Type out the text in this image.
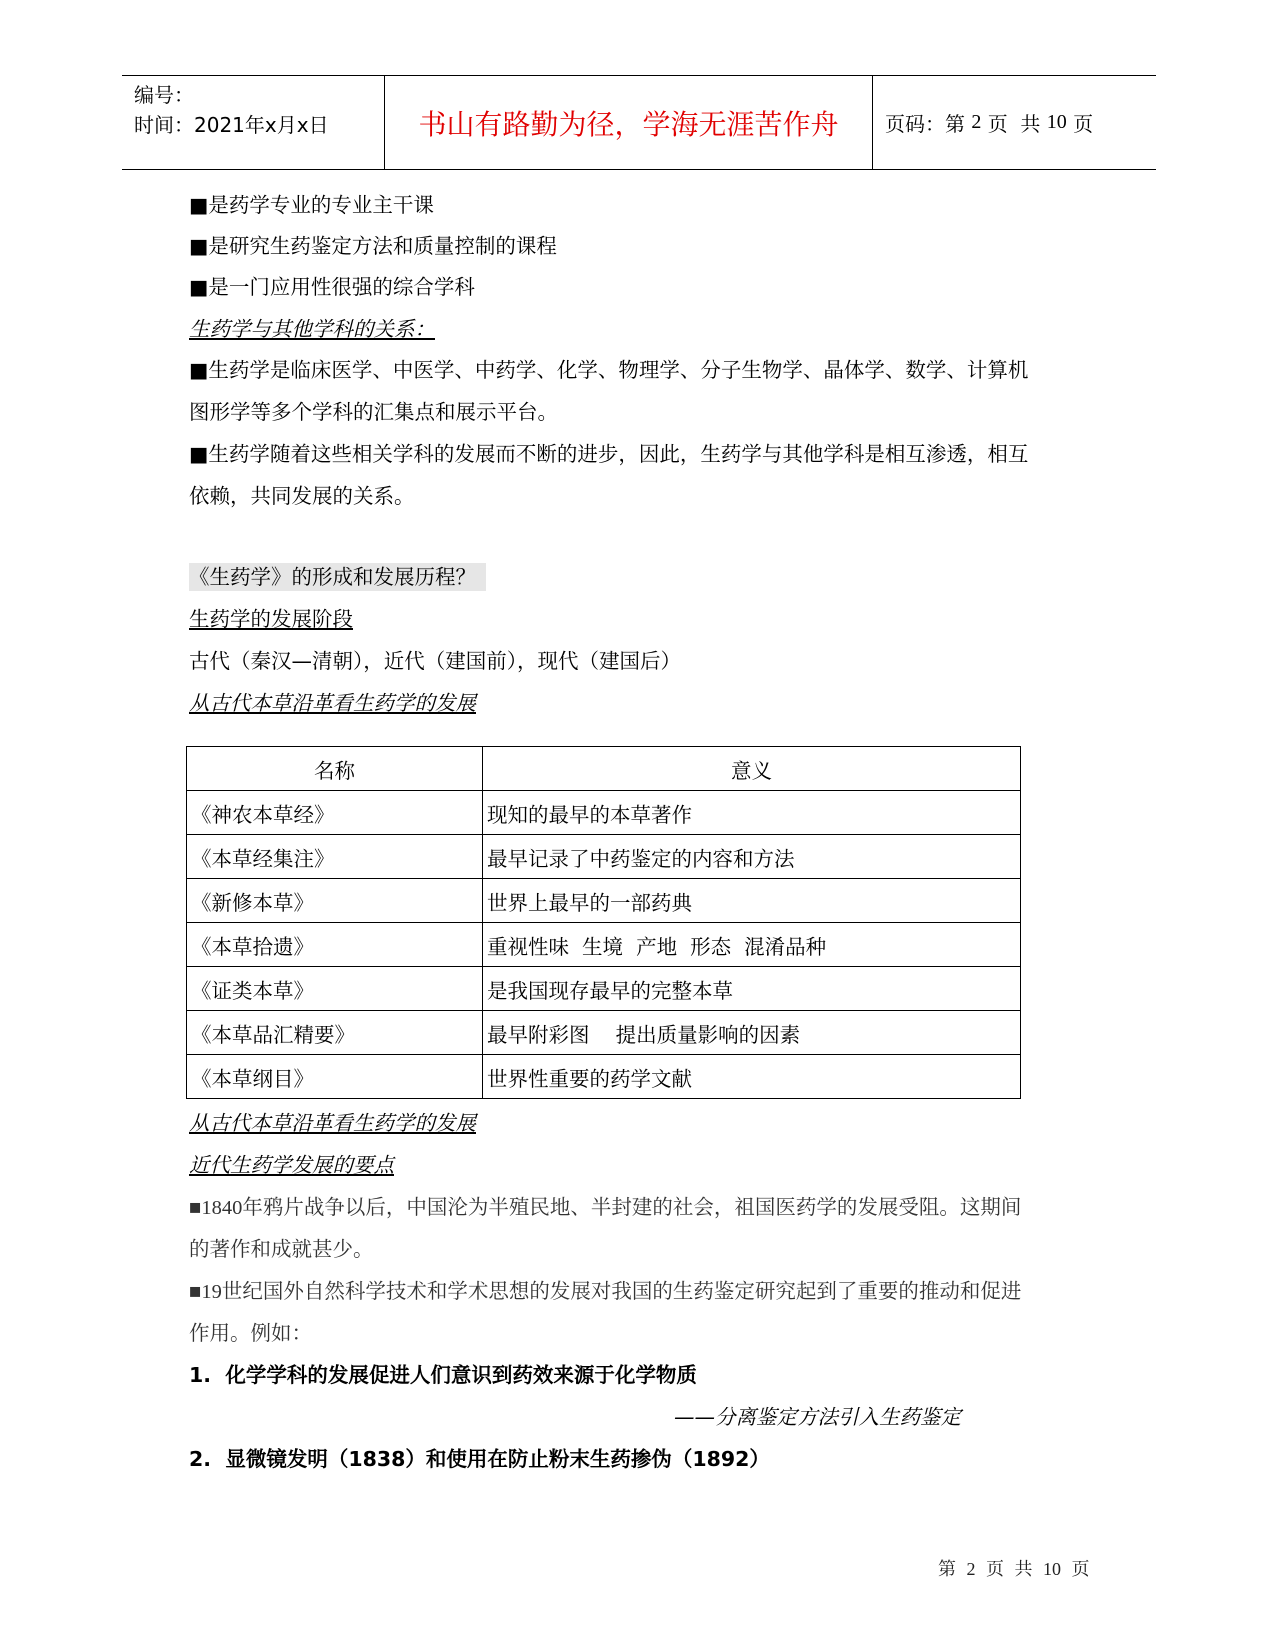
编号：
时间：2021年x月x日	书山有路勤为径，学海无涯苦作舟	页码：第
2
页  共
10
页
■是药学专业的专业主干课
■是研究生药鉴定方法和质量控制的课程
■是一门应用性很强的综合学科
生药学与其他学科的关系：
■生药学是临床医学、中医学、中药学、化学、物理学、分子生物学、晶体学、数学、计算机
图形学等多个学科的汇集点和展示平台。
■生药学随着这些相关学科的发展而不断的进步，因此，生药学与其他学科是相互渗透，相互
依赖，共同发展的关系。
《生药学》的形成和发展历程？
生药学的发展阶段
古代（秦汉—清朝），近代（建国前），现代（建国后）
从古代本草沿革看生药学的发展
名称	意义
《神农本草经》	现知的最早的本草著作
《本草经集注》	最早记录了中药鉴定的内容和方法
《新修本草》	世界上最早的一部药典
《本草拾遗》	重视性味  生境  产地  形态  混淆品种
《证类本草》	是我国现存最早的完整本草
《本草品汇精要》	最早附彩图    提出质量影响的因素
《本草纲目》	世界性重要的药学文献
从古代本草沿革看生药学的发展
近代生药学发展的要点
■1840年鸦片战争以后，中国沦为半殖民地、半封建的社会，祖国医药学的发展受阻。这期间
的著作和成就甚少。
■19世纪国外自然科学技术和学术思想的发展对我国的生药鉴定研究起到了重要的推动和促进
作用。例如：
1.  化学学科的发展促进人们意识到药效来源于化学物质
——分离鉴定方法引入生药鉴定
2.  显微镜发明（1838）和使用在防止粉末生药掺伪（1892）
第 2 页 共 10 页
